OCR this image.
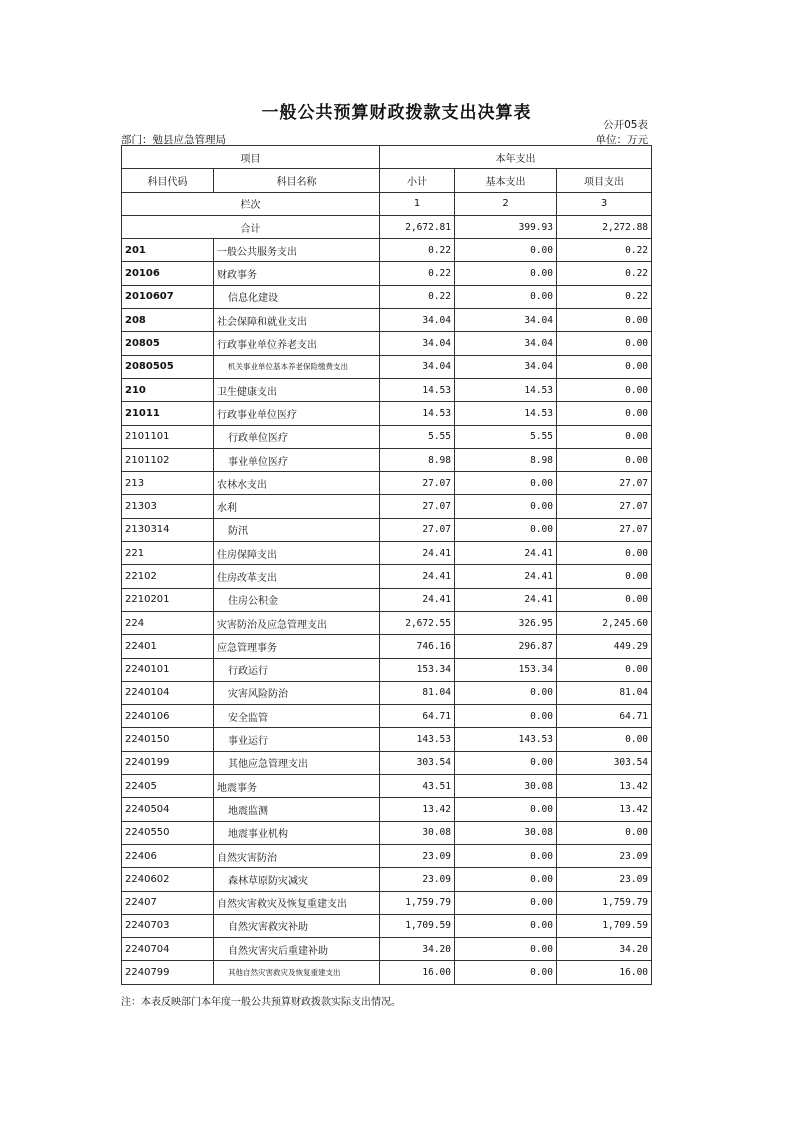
一般公共预算财政拨款支出决算表
公开05表
部门：勉县应急管理局	单位：万元
项目		本年支出		
科目代码	科目名称	小计	基本支出	项目支出
栏次		1	2	3
合计		2,672.81	399.93	2,272.88
201	一般公共服务支出	0.22	0.00	0.22
20106	财政事务	0.22	0.00	0.22
2010607	信息化建设	0.22	0.00	0.22
208	社会保障和就业支出	34.04	34.04	0.00
20805	行政事业单位养老支出	34.04	34.04	0.00
2080505	机关事业单位基本养老保险缴费支出	34.04	34.04	0.00
210	卫生健康支出	14.53	14.53	0.00
21011	行政事业单位医疗	14.53	14.53	0.00
2101101	行政单位医疗	5.55	5.55	0.00
2101102	事业单位医疗	8.98	8.98	0.00
213	农林水支出	27.07	0.00	27.07
21303	水利	27.07	0.00	27.07
2130314	防汛	27.07	0.00	27.07
221	住房保障支出	24.41	24.41	0.00
22102	住房改革支出	24.41	24.41	0.00
2210201	住房公积金	24.41	24.41	0.00
224	灾害防治及应急管理支出	2,672.55	326.95	2,245.60
22401	应急管理事务	746.16	296.87	449.29
2240101	行政运行	153.34	153.34	0.00
2240104	灾害风险防治	81.04	0.00	81.04
2240106	安全监管	64.71	0.00	64.71
2240150	事业运行	143.53	143.53	0.00
2240199	其他应急管理支出	303.54	0.00	303.54
22405	地震事务	43.51	30.08	13.42
2240504	地震监测	13.42	0.00	13.42
2240550	地震事业机构	30.08	30.08	0.00
22406	自然灾害防治	23.09	0.00	23.09
2240602	森林草原防灾减灾	23.09	0.00	23.09
22407	自然灾害救灾及恢复重建支出	1,759.79	0.00	1,759.79
2240703	自然灾害救灾补助	1,709.59	0.00	1,709.59
2240704	自然灾害灾后重建补助	34.20	0.00	34.20
2240799	其他自然灾害救灾及恢复重建支出	16.00	0.00	16.00
注：本表反映部门本年度一般公共预算财政拨款实际支出情况。
